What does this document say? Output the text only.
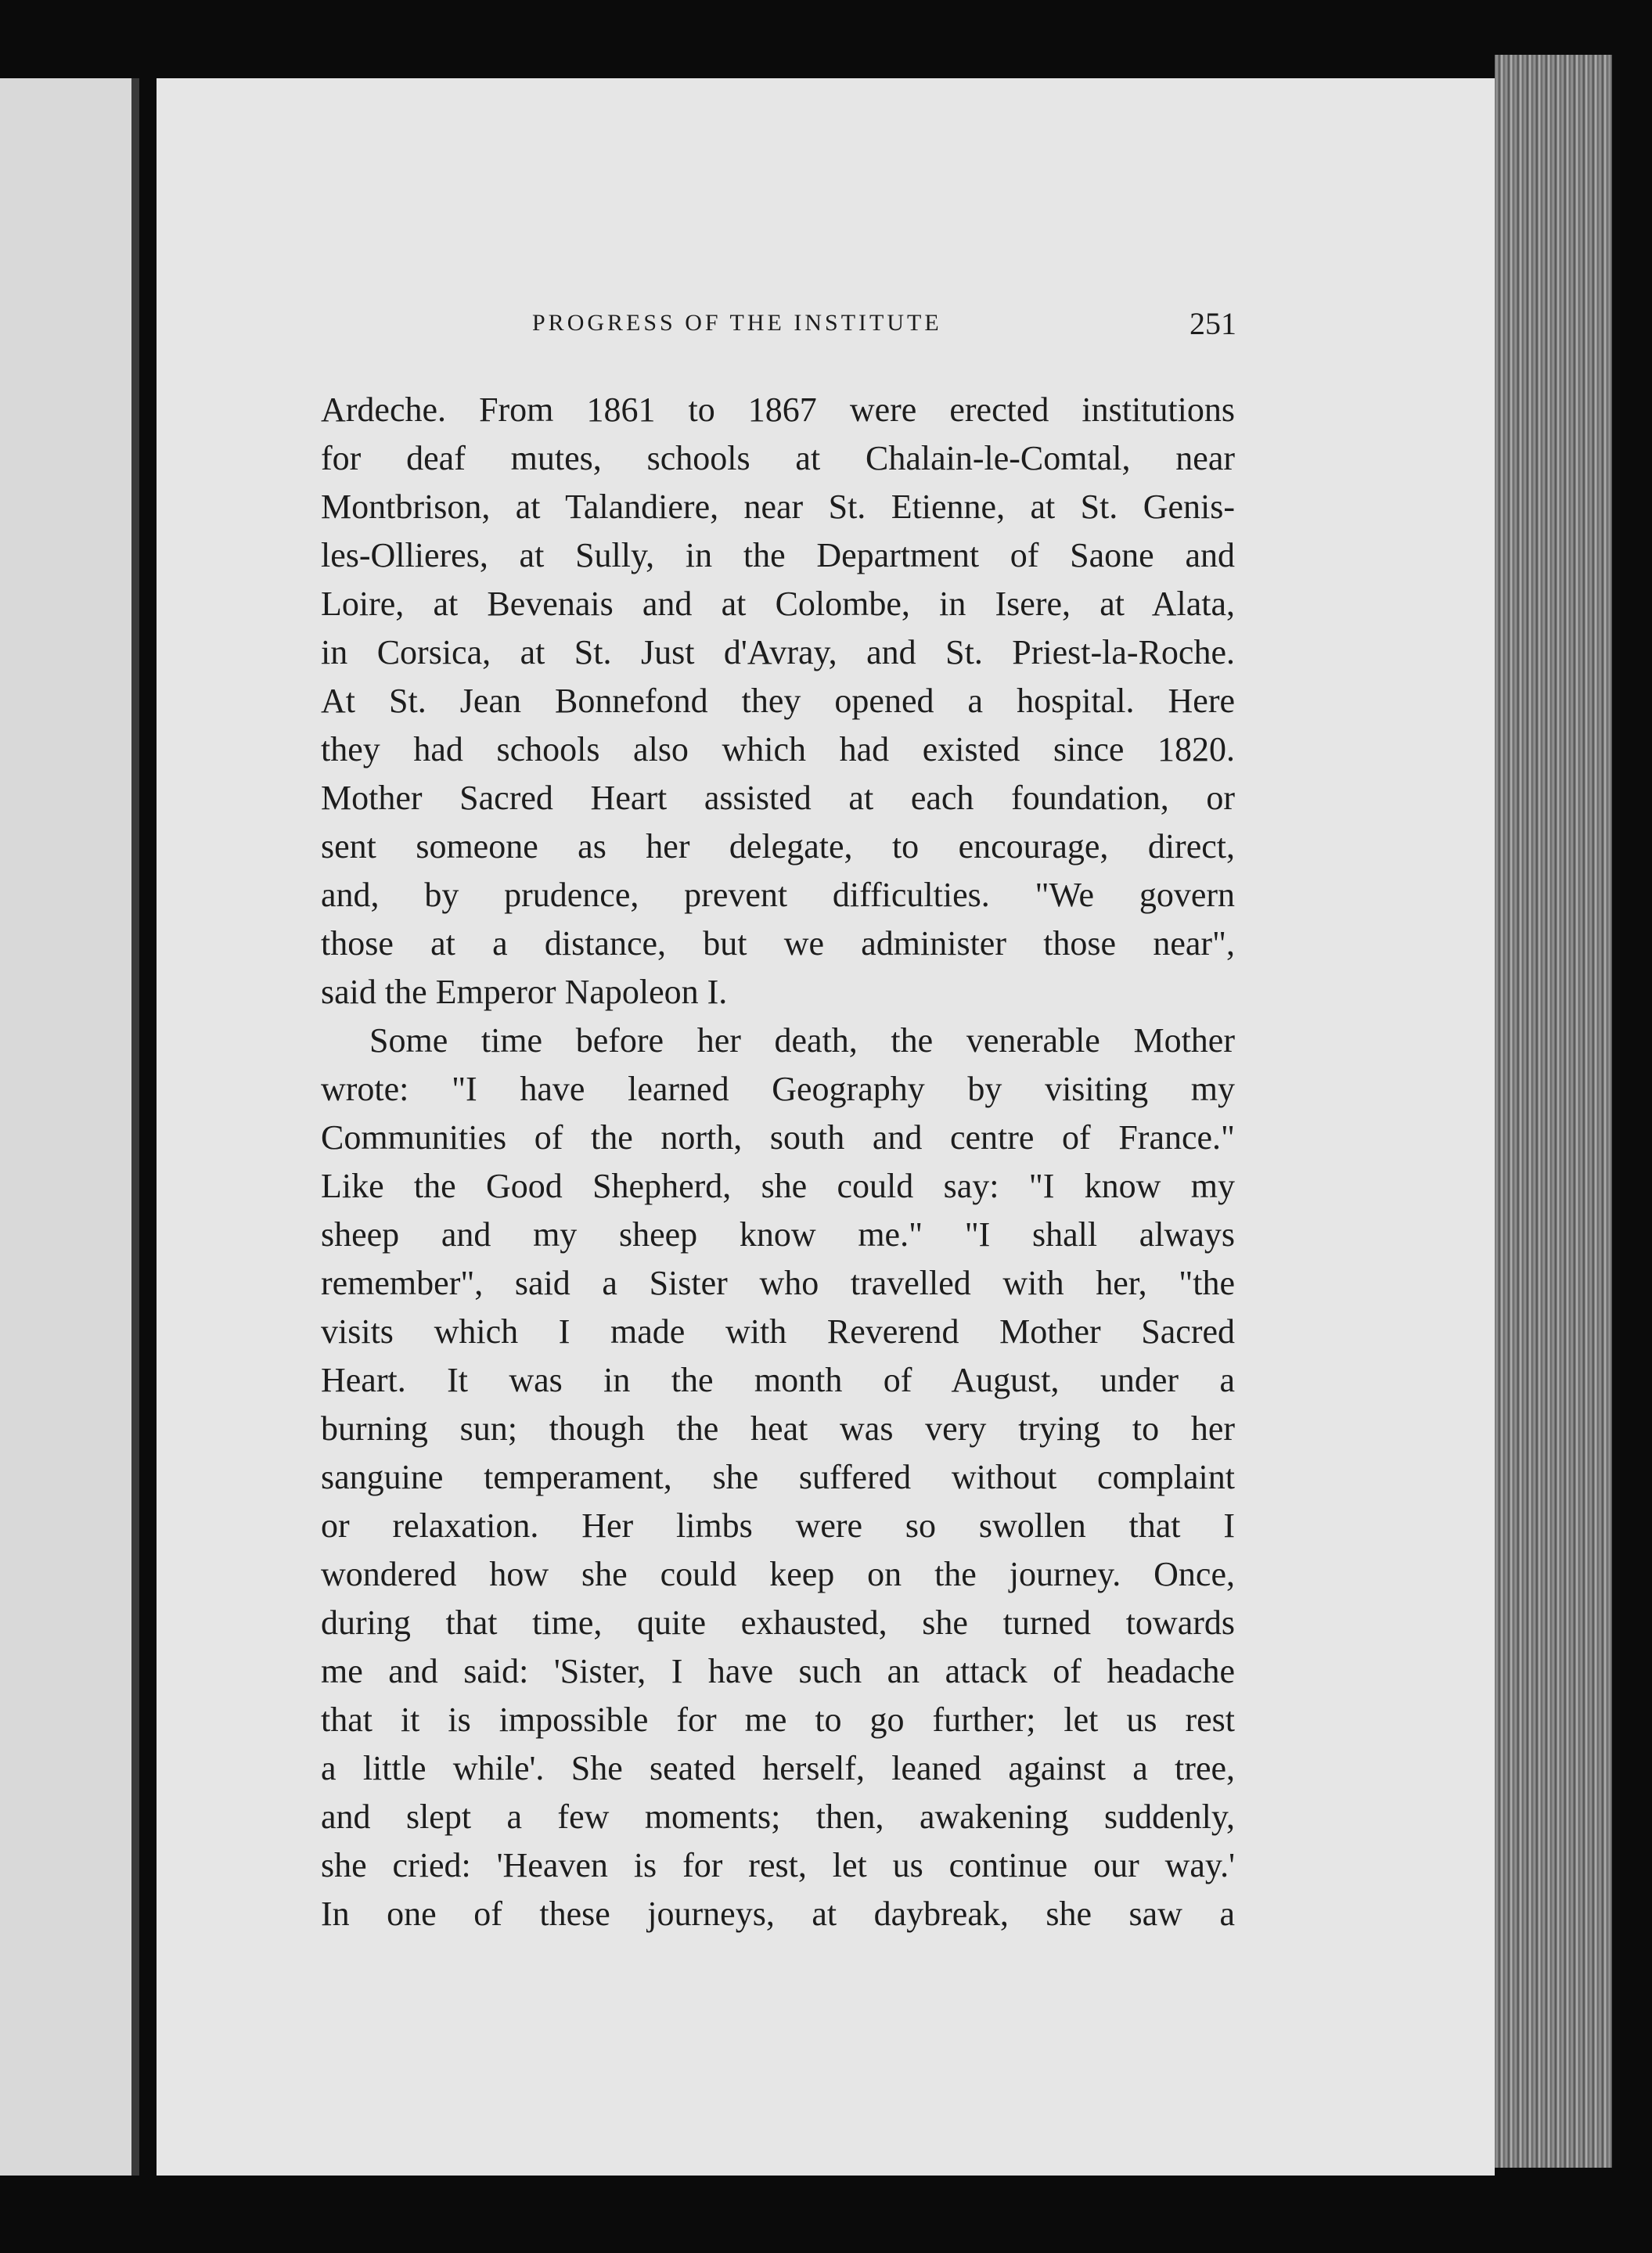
PROGRESS OF THE INSTITUTE	251
Ardeche. From 1861 to 1867 were erected institutions
for deaf mutes, schools at Chalain-le-Comtal, near
Montbrison, at Talandiere, near St. Etienne, at St. Genis-
les-Ollieres, at Sully, in the Department of Saone and
Loire, at Bevenais and at Colombe, in Isere, at Alata,
in Corsica, at St. Just d'Avray, and St. Priest-la-Roche.
At St. Jean Bonnefond they opened a hospital. Here
they had schools also which had existed since 1820.
Mother Sacred Heart assisted at each foundation, or
sent someone as her delegate, to encourage, direct,
and, by prudence, prevent difficulties. "We govern
those at a distance, but we administer those near",
said the Emperor Napoleon I.
Some time before her death, the venerable Mother
wrote: "I have learned Geography by visiting my
Communities of the north, south and centre of France."
Like the Good Shepherd, she could say: "I know my
sheep and my sheep know me." "I shall always
remember", said a Sister who travelled with her, "the
visits which I made with Reverend Mother Sacred
Heart. It was in the month of August, under a
burning sun; though the heat was very trying to her
sanguine temperament, she suffered without complaint
or relaxation. Her limbs were so swollen that I
wondered how she could keep on the journey. Once,
during that time, quite exhausted, she turned towards
me and said: 'Sister, I have such an attack of headache
that it is impossible for me to go further; let us rest
a little while'. She seated herself, leaned against a tree,
and slept a few moments; then, awakening suddenly,
she cried: 'Heaven is for rest, let us continue our way.'
In one of these journeys, at daybreak, she saw a
